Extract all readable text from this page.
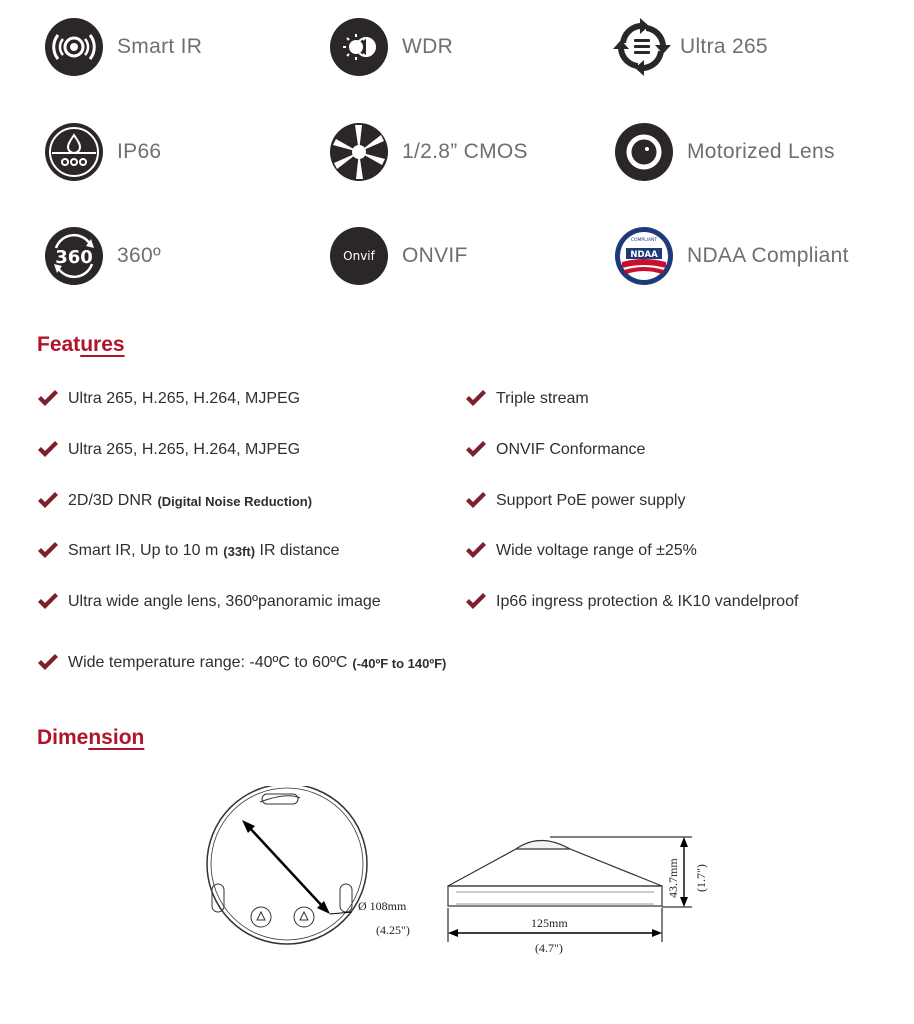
Smart IR	WDR	Ultra 265
IP66	1/2.8” CMOS	Motorized Lens
360 360º	Onvif ONVIF	NDAA
COMPLIANT
NDAA Compliant
Features
Ultra 265, H.265, H.264, MJPEG	Triple stream
Ultra 265, H.265, H.264, MJPEG	ONVIF Conformance
2D/3D DNR (Digital Noise Reduction)	Support PoE power supply
Smart IR, Up to 10 m (33ft) IR distance	Wide voltage range of ±25%
Ultra wide angle lens, 360ºpanoramic image	Ip66 ingress protection & IK10 vandelproof
Wide temperature range: -40ºC to 60ºC (-40ºF to 140ºF)
Dimension
Ø 108mm
(4.25")	125mm
(4.7")
43.7mm (1.7")
